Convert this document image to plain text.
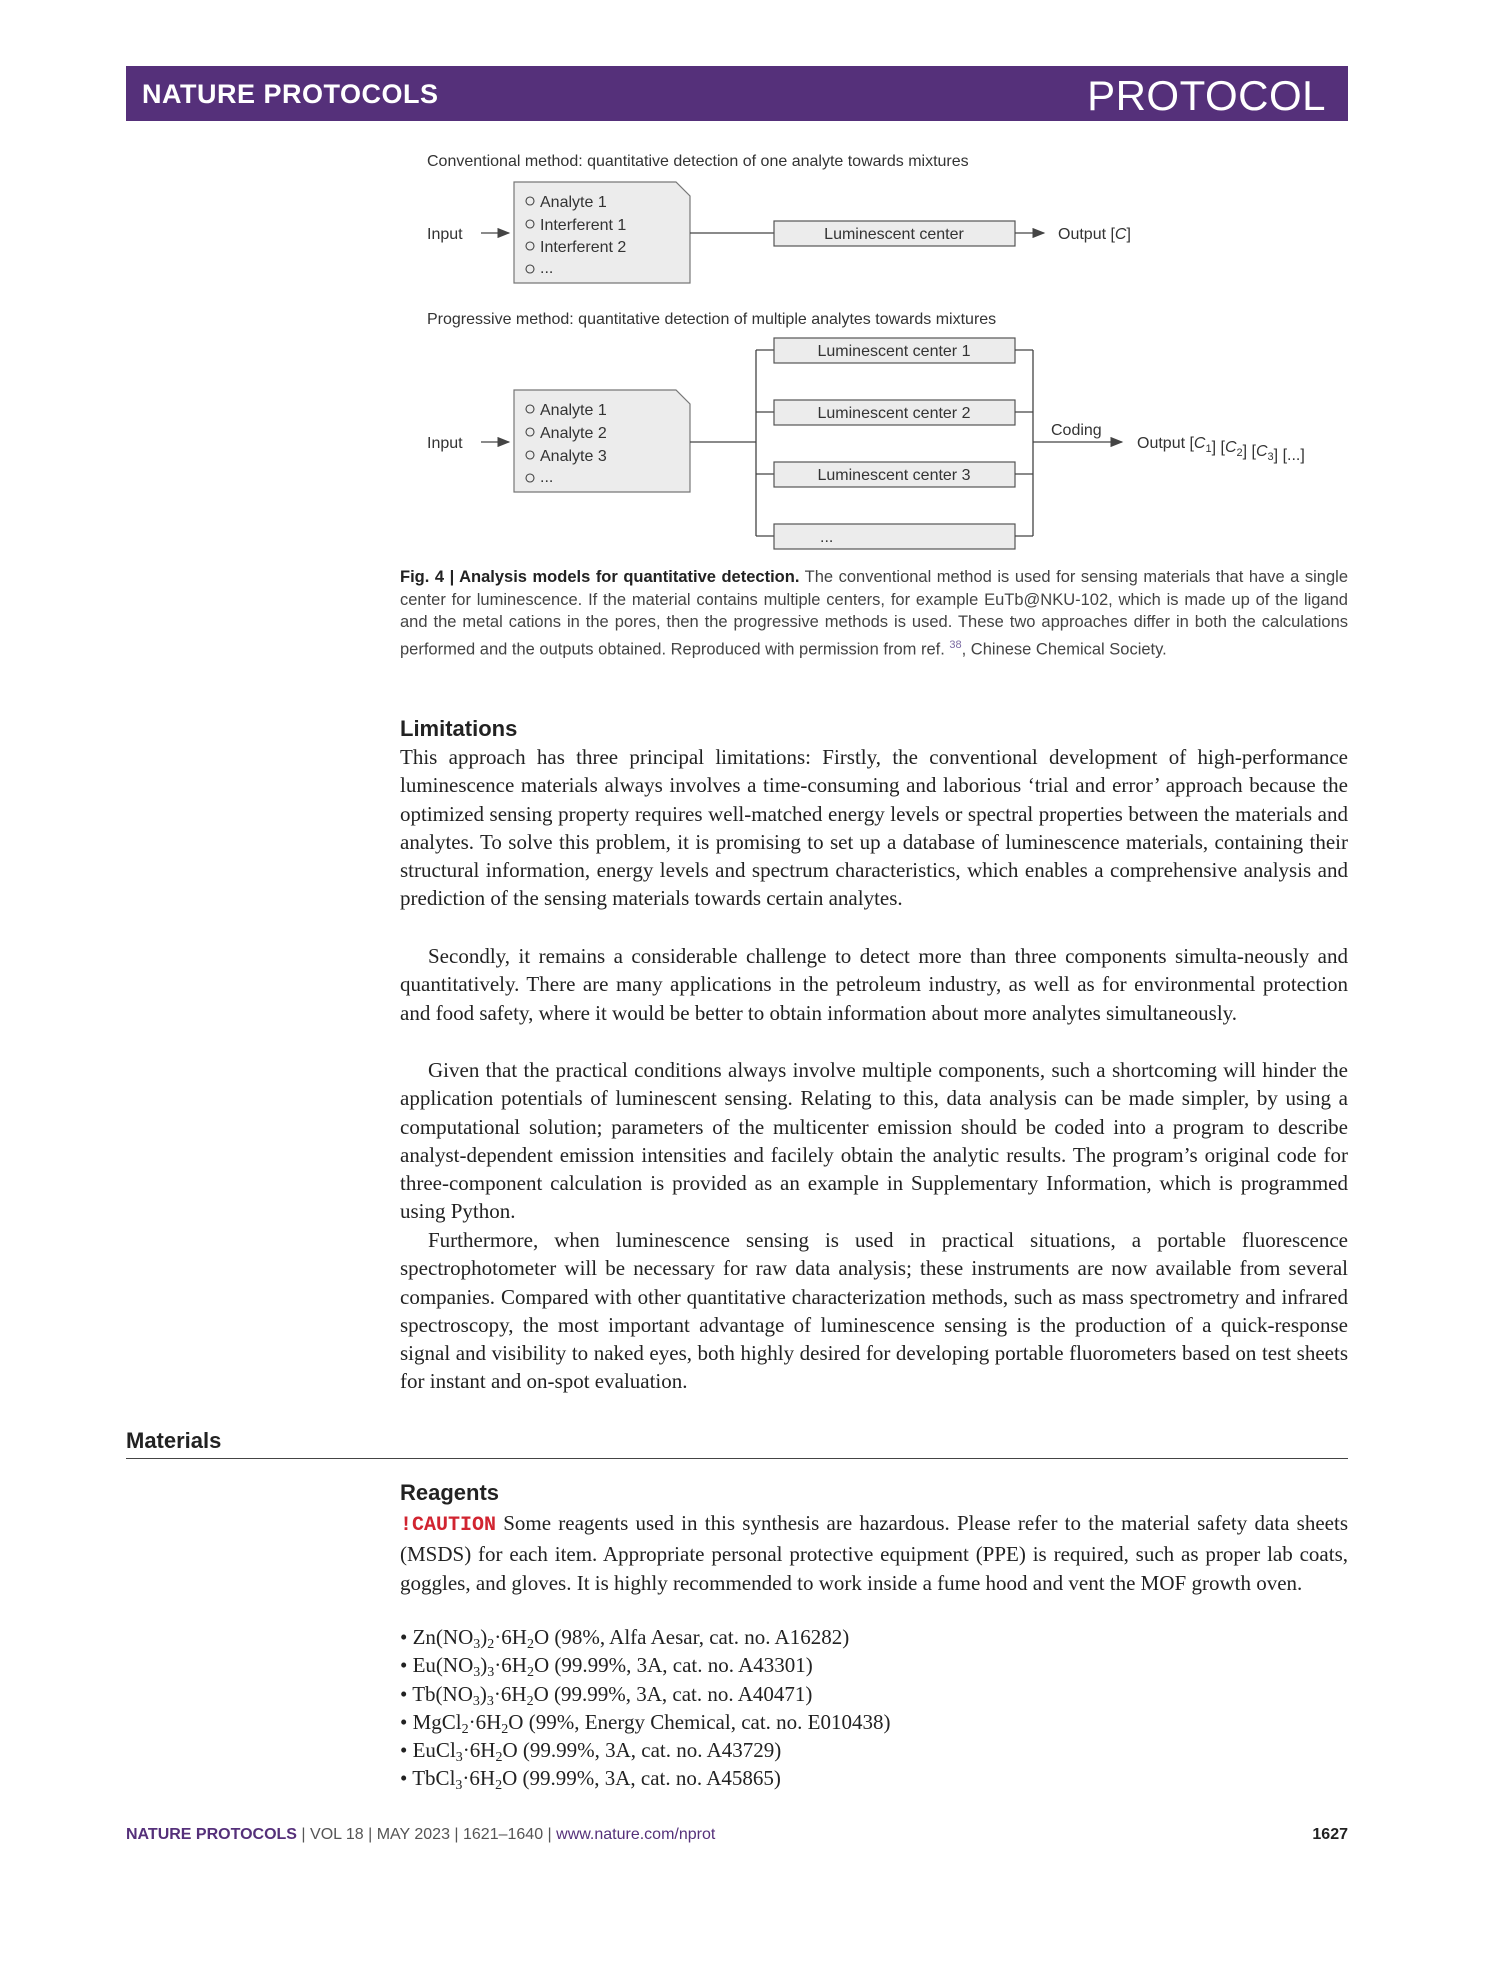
NATURE PROTOCOLS	PROTOCOL
Conventional method: quantitative detection of one analyte towards mixtures
Input
Analyte 1
Interferent 1
Interferent 2
...
Luminescent center	Output [C]
Progressive method: quantitative detection of multiple analytes towards mixtures
Input
Analyte 1
Analyte 2
Analyte 3
...
Luminescent center 1
Luminescent center 2
Luminescent center 3
...
Coding
Output $[C_1]$ $[C_2]$ $[C_3]$ [...]
Fig. 4 | Analysis models for quantitative detection. The conventional method is used for sensing materials that have a single center for luminescence. If the material contains multiple centers, for example EuTb@NKU-102, which is made up of the ligand and the metal cations in the pores, then the progressive methods is used. These two approaches differ in both the calculations performed and the outputs obtained. Reproduced with permission from ref. $^{38}$, Chinese Chemical Society.
Limitations

This approach has three principal limitations: Firstly, the conventional development of high-performance luminescence materials always involves a time-consuming and laborious ‘trial and error’ approach because the optimized sensing property requires well-matched energy levels or spectral properties between the materials and analytes. To solve this problem, it is promising to set up a database of luminescence materials, containing their structural information, energy levels and spectrum characteristics, which enables a comprehensive analysis and prediction of the sensing materials towards certain analytes.

Secondly, it remains a considerable challenge to detect more than three components simulta-neously and quantitatively. There are many applications in the petroleum industry, as well as for environmental protection and food safety, where it would be better to obtain information about more analytes simultaneously.

Given that the practical conditions always involve multiple components, such a shortcoming will hinder the application potentials of luminescent sensing. Relating to this, data analysis can be made simpler, by using a computational solution; parameters of the multicenter emission should be coded into a program to describe analyst-dependent emission intensities and facilely obtain the analytic results. The program’s original code for three-component calculation is provided as an example in Supplementary Information, which is programmed using Python.

Furthermore, when luminescence sensing is used in practical situations, a portable fluorescence spectrophotometer will be necessary for raw data analysis; these instruments are now available from several companies. Compared with other quantitative characterization methods, such as mass spectrometry and infrared spectroscopy, the most important advantage of luminescence sensing is the production of a quick-response signal and visibility to naked eyes, both highly desired for developing portable fluorometers based on test sheets for instant and on-spot evaluation.

Materials
Reagents

!CAUTION Some reagents used in this synthesis are hazardous. Please refer to the material safety data sheets (MSDS) for each item. Appropriate personal protective equipment (PPE) is required, such as proper lab coats, goggles, and gloves. It is highly recommended to work inside a fume hood and vent the MOF growth oven.

• $Zn(NO_3)_2\cdot 6H_2O$ (98%, Alfa Aesar, cat. no. A16282)
• $Eu(NO_3)_3\cdot 6H_2O$ (99.99%, 3A, cat. no. A43301)
• $Tb(NO_3)_3\cdot 6H_2O$ (99.99%, 3A, cat. no. A40471)
• $MgCl_2\cdot 6H_2O$ (99%, Energy Chemical, cat. no. E010438)
• $EuCl_3\cdot 6H_2O$ (99.99%, 3A, cat. no. A43729)
• $TbCl_3\cdot 6H_2O$ (99.99%, 3A, cat. no. A45865)
NATURE PROTOCOLS | VOL 18 | MAY 2023 | 1621–1640 | www.nature.com/nprot	1627
